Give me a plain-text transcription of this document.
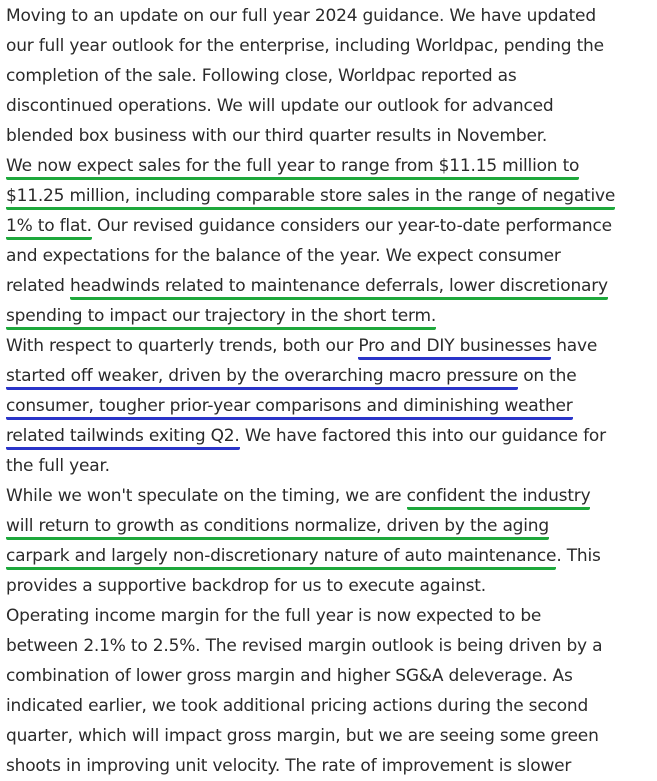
Moving to an update on our full year 2024 guidance. We have updated
our full year outlook for the enterprise, including Worldpac, pending the
completion of the sale. Following close, Worldpac reported as
discontinued operations. We will update our outlook for advanced
blended box business with our third quarter results in November.
We now expect sales for the full year to range from $11.15 million to
$11.25 million, including comparable store sales in the range of negative
1% to flat. Our revised guidance considers our year-to-date performance
and expectations for the balance of the year. We expect consumer
related headwinds related to maintenance deferrals, lower discretionary
spending to impact our trajectory in the short term.
With respect to quarterly trends, both our Pro and DIY businesses have
started off weaker, driven by the overarching macro pressure on the
consumer, tougher prior-year comparisons and diminishing weather
related tailwinds exiting Q2. We have factored this into our guidance for
the full year.
While we won't speculate on the timing, we are confident the industry
will return to growth as conditions normalize, driven by the aging
carpark and largely non-discretionary nature of auto maintenance. This
provides a supportive backdrop for us to execute against.
Operating income margin for the full year is now expected to be
between 2.1% to 2.5%. The revised margin outlook is being driven by a
combination of lower gross margin and higher SG&A deleverage. As
indicated earlier, we took additional pricing actions during the second
quarter, which will impact gross margin, but we are seeing some green
shoots in improving unit velocity. The rate of improvement is slower
